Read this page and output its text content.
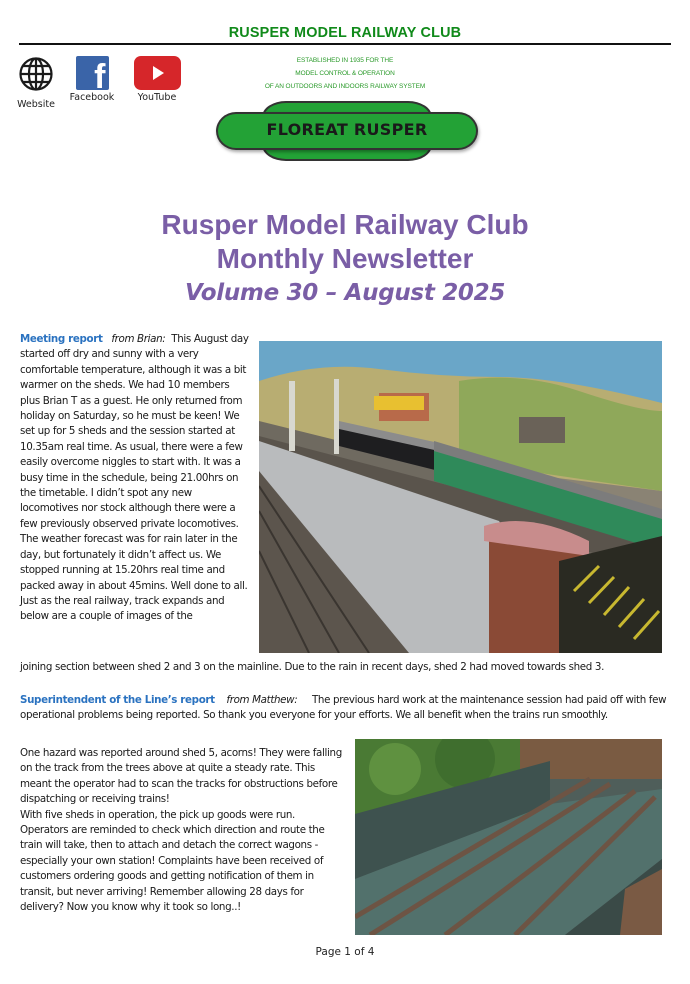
RUSPER MODEL RAILWAY CLUB
Website
f
Facebook YouTube
ESTABLISHED IN 1935 FOR THE
MODEL CONTROL & OPERATION
OF AN OUTDOORS AND INDOORS RAILWAY SYSTEM
FLOREAT RUSPER
Rusper Model Railway Club
Monthly Newsletter
Volume 30 – August 2025
Meeting report from Brian: This August day started off dry and sunny with a very comfortable temperature, although it was a bit warmer on the sheds. We had 10 members plus Brian T as a guest. He only returned from holiday on Saturday, so he must be keen! We set up for 5 sheds and the session started at 10.35am real time. As usual, there were a few easily overcome niggles to start with. It was a busy time in the schedule, being 21.00hrs on the timetable. I didn’t spot any new locomotives nor stock although there were a few previously observed private locomotives. The weather forecast was for rain later in the day, but fortunately it didn’t affect us. We stopped running at 15.20hrs real time and packed away in about 45mins. Well done to all. Just as the real railway, track expands and below are a couple of images of the
joining section between shed 2 and 3 on the mainline. Due to the rain in recent days, shed 2 had moved towards shed 3.
Superintendent of the Line’s report from Matthew: The previous hard work at the maintenance session had paid off with few operational problems being reported. So thank you everyone for your efforts. We all benefit when the trains run smoothly.
One hazard was reported around shed 5, acorns! They were falling on the track from the trees above at quite a steady rate. This meant the operator had to scan the tracks for obstructions before dispatching or receiving trains!
With five sheds in operation, the pick up goods were run. Operators are reminded to check which direction and route the train will take, then to attach and detach the correct wagons - especially your own station! Complaints have been received of customers ordering goods and getting notification of them in transit, but never arriving! Remember allowing 28 days for delivery? Now you know why it took so long..!
Page 1 of 4
